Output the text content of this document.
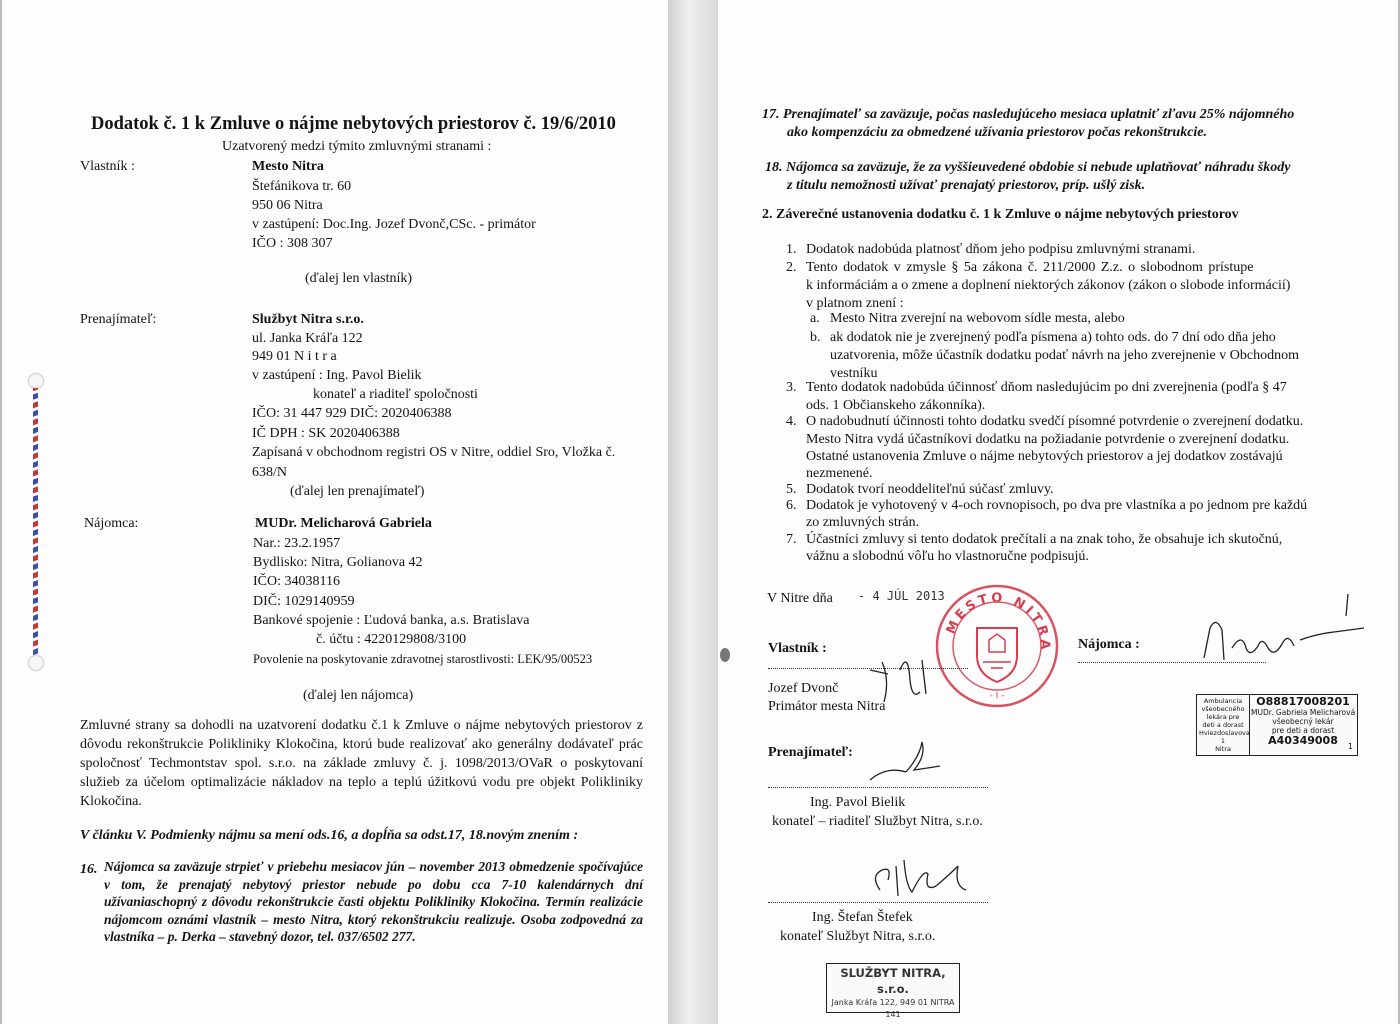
Dodatok č. 1 k Zmluve o nájme nebytových priestorov č. 19/6/2010
Uzatvorený medzi týmito zmluvnými stranami :
Vlastník :	Mesto Nitra
Štefánikova tr. 60
950 06 Nitra
v zastúpení: Doc.Ing. Jozef Dvonč,CSc. - primátor
IČO : 308 307
(ďalej len vlastník)
Prenajímateľ:	Službyt Nitra s.r.o.
ul. Janka Kráľa 122
949 01 N i t r a
v zastúpení : Ing. Pavol Bielik
konateľ a riaditeľ spoločnosti
IČO: 31 447 929 DIČ: 2020406388
IČ DPH : SK 2020406388
Zapísaná v obchodnom registri OS v Nitre, oddiel Sro, Vložka č.
638/N
(ďalej len prenajímateľ)
Nájomca:	MUDr. Melicharová Gabriela
Nar.: 23.2.1957
Bydlisko: Nitra, Golianova 42
IČO: 34038116
DIČ: 1029140959
Bankové spojenie : Ľudová banka, a.s. Bratislava
č. účtu : 4220129808/3100
Povolenie na poskytovanie zdravotnej starostlivosti: LEK/95/00523
(ďalej len nájomca)
Zmluvné strany sa dohodli na uzatvorení dodatku č.1 k Zmluve o nájme nebytových priestorov z dôvodu rekonštrukcie Polikliniky Klokočina, ktorú bude realizovať ako generálny dodávateľ prác spoločnosť Techmontstav spol. s.r.o. na základe zmluvy č. j. 1098/2013/OVaR o poskytovaní služieb za účelom optimalizácie nákladov na teplo a teplú úžitkovú vodu pre objekt Polikliniky Klokočina.
V článku V. Podmienky nájmu sa mení ods.16, a dopĺňa sa odst.17, 18.novým znením :
16. Nájomca sa zaväzuje strpieť v priebehu mesiacov jún – november 2013 obmedzenie spočívajúce v tom, že prenajatý nebytový priestor nebude po dobu cca 7-10 kalendárnych dní užívaniaschopný z dôvodu rekonštrukcie časti objektu Polikliniky Klokočina. Termín realizácie nájomcom oznámi vlastník – mesto Nitra, ktorý rekonštrukciu realizuje. Osoba zodpovedná za vlastníka – p. Derka – stavebný dozor, tel. 037/6502 277.
17. Prenajímateľ sa zaväzuje, počas nasledujúceho mesiaca uplatniť zľavu 25% nájomného
ako kompenzáciu za obmedzené užívania priestorov počas rekonštrukcie.
18. Nájomca sa zaväzuje, že za vyššieuvedené obdobie si nebude uplatňovať náhradu škody
z titulu nemožnosti užívať prenajatý priestorov, príp. ušlý zisk.
2. Záverečné ustanovenia dodatku č. 1 k Zmluve o nájme nebytových priestorov
1. Dodatok nadobúda platnosť dňom jeho podpisu zmluvnými stranami.
2. Tento dodatok v zmysle § 5a zákona č. 211/2000 Z.z. o slobodnom prístupe
k informáciám a o zmene a doplnení niektorých zákonov (zákon o slobode informácií)
v platnom znení :
a. Mesto Nitra zverejní na webovom sídle mesta, alebo
b. ak dodatok nie je zverejnený podľa písmena a) tohto ods. do 7 dní odo dňa jeho
uzatvorenia, môže účastník dodatku podať návrh na jeho zverejnenie v Obchodnom
vestníku
3. Tento dodatok nadobúda účinnosť dňom nasledujúcim po dni zverejnenia (podľa § 47
ods. 1 Občianskeho zákonníka).
4. O nadobudnutí účinnosti tohto dodatku svedčí písomné potvrdenie o zverejnení dodatku.
Mesto Nitra vydá účastníkovi dodatku na požiadanie potvrdenie o zverejnení dodatku.
Ostatné ustanovenia Zmluve o nájme nebytových priestorov a jej dodatkov zostávajú
nezmenené.
5. Dodatok tvorí neoddeliteľnú súčasť zmluvy.
6. Dodatok je vyhotovený v 4-och rovnopisoch, po dva pre vlastníka a po jednom pre každú
zo zmluvných strán.
7. Účastníci zmluvy si tento dodatok prečítali a na znak toho, že obsahuje ich skutočnú,
vážnu a slobodnú vôľu ho vlastnoručne podpisujú.
V Nitre dňa - 4 JÚL 2013
MESTO NITRA
- I -
Vlastník :
Jozef Dvonč
Primátor mesta Nitra
Nájomca :
Ambulancia
všeobecného
lekára pre
deti a dorast
Hviezdoslavova 1
Nitra
O88817008201
MUDr. Gabriela Melicharová
všeobecný lekár
pre deti a dorast
A40349008	1
Prenajímateľ:
Ing. Pavol Bielik
konateľ – riaditeľ Službyt Nitra, s.r.o.
Ing. Štefan Štefek
konateľ Službyt Nitra, s.r.o.
SLUŽBYT NITRA, s.r.o.
Janka Kráľa 122, 949 01 NITRA
141
